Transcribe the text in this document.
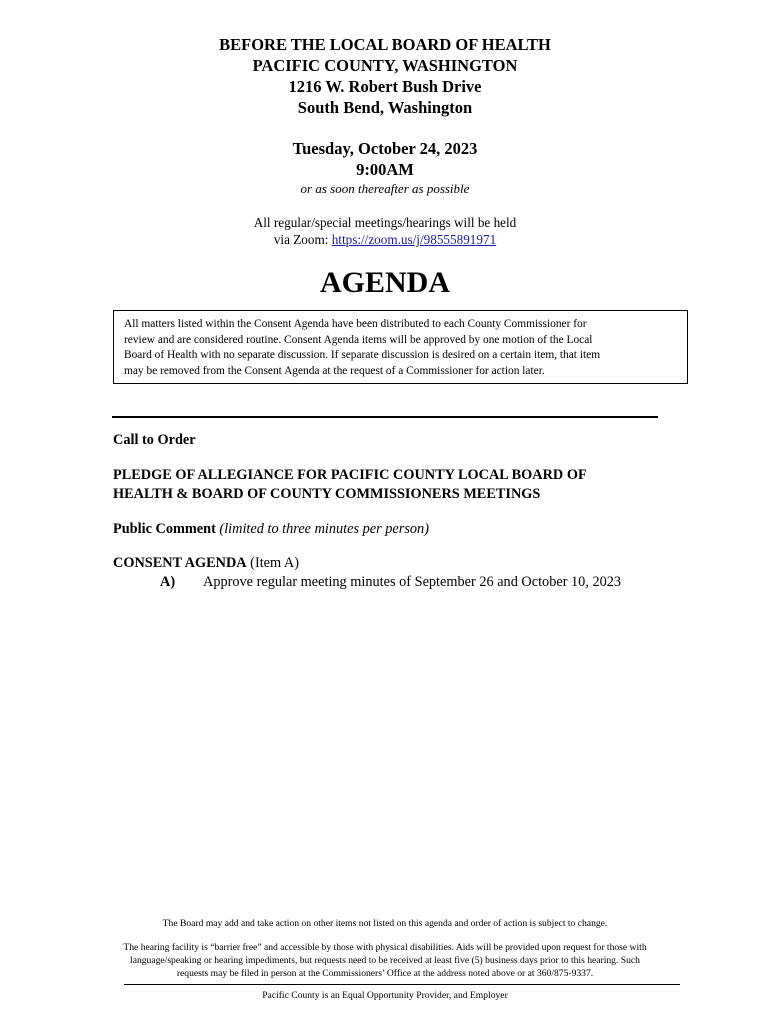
BEFORE THE LOCAL BOARD OF HEALTH
PACIFIC COUNTY, WASHINGTON
1216 W. Robert Bush Drive
South Bend, Washington
Tuesday, October 24, 2023
9:00AM
or as soon thereafter as possible
All regular/special meetings/hearings will be held
via Zoom: https://zoom.us/j/98555891971
AGENDA
All matters listed within the Consent Agenda have been distributed to each County Commissioner for
review and are considered routine. Consent Agenda items will be approved by one motion of the Local
Board of Health with no separate discussion. If separate discussion is desired on a certain item, that item
may be removed from the Consent Agenda at the request of a Commissioner for action later.
Call to Order
PLEDGE OF ALLEGIANCE FOR PACIFIC COUNTY LOCAL BOARD OF
HEALTH & BOARD OF COUNTY COMMISSIONERS MEETINGS
Public Comment (limited to three minutes per person)
CONSENT AGENDA (Item A)
A) Approve regular meeting minutes of September 26 and October 10, 2023
The Board may add and take action on other items not listed on this agenda and order of action is subject to change.
The hearing facility is “barrier free” and accessible by those with physical disabilities. Aids will be provided upon request for those with
language/speaking or hearing impediments, but requests need to be received at least five (5) business days prior to this hearing. Such
requests may be filed in person at the Commissioners’ Office at the address noted above or at 360/875-9337.
Pacific County is an Equal Opportunity Provider, and Employer
